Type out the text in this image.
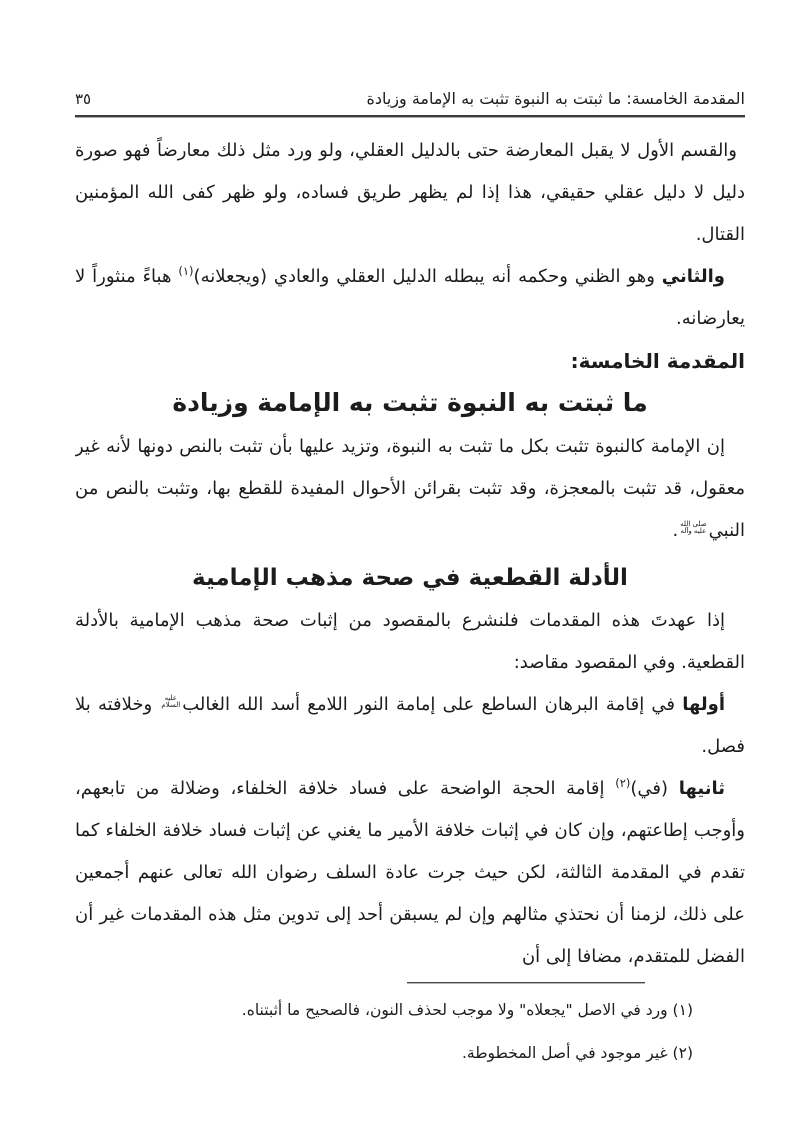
٣٥	المقدمة الخامسة: ما ثبتت به النبوة تثبت به الإمامة وزيادة

والقسم الأول لا يقبل المعارضة حتى بالدليل العقلي، ولو ورد مثل ذلك معارضاً فهو صورة دليل لا دليل عقلي حقيقي، هذا إذا لم يظهر طريق فساده، ولو ظهر كفى الله المؤمنين القتال.

والثاني وهو الظني وحكمه أنه يبطله الدليل العقلي والعادي (ويجعلانه)$^{(١)}$ هباءً منثوراً لا يعارضانه.

المقدمة الخامسة:
ما ثبتت به النبوة تثبت به الإمامة وزيادة

إن الإمامة كالنبوة تثبت بكل ما تثبت به النبوة، وتزيد عليها بأن تثبت بالنص دونها لأنه غير معقول، قد تثبت بالمعجزة، وقد تثبت بقرائن الأحوال المفيدة للقطع بها، وتثبت بالنص من النبي
صلى الله
عليه وآله
.

الأدلة القطعية في صحة مذهب الإمامية

إذا عهدتَ هذه المقدمات فلنشرع بالمقصود من إثبات صحة مذهب الإمامية بالأدلة القطعية. وفي المقصود مقاصد:

أولها في إقامة البرهان الساطع على إمامة النور اللامع أسد الله الغالب
عليه
السلام
وخلافته بلا فصل.

ثانيها (في)$^{(٢)}$ إقامة الحجة الواضحة على فساد خلافة الخلفاء، وضلالة من تابعهم، وأوجب إطاعتهم، وإن كان في إثبات خلافة الأمير ما يغني عن إثبات فساد خلافة الخلفاء كما تقدم في المقدمة الثالثة، لكن حيث جرت عادة السلف رضوان الله تعالى عنهم أجمعين على ذلك، لزمنا أن نحتذي مثالهم وإن لم يسبقن أحد إلى تدوين مثل هذه المقدمات غير أن الفضل للمتقدم، مضافا إلى أن

(١) ورد في الاصل "يجعلاه" ولا موجب لحذف النون، فالصحيح ما أثبتناه.

(٢) غير موجود في أصل المخطوطة.
